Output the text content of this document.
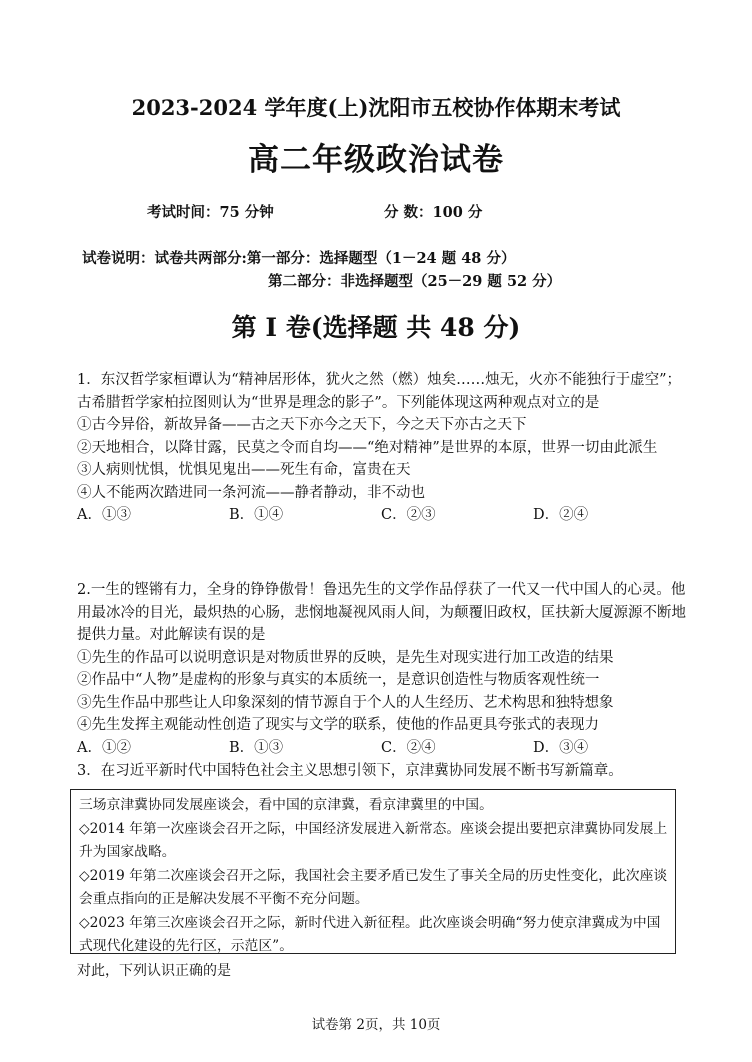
2023-2024 学年度(上)沈阳市五校协作体期末考试
高二年级政治试卷
考试时间：75 分钟	分 数：100 分
试卷说明：试卷共两部分:第一部分：选择题型（1－24 题 48 分）
第二部分：非选择题型（25－29 题 52 分）
第 I 卷(选择题 共 48 分)

1．东汉哲学家桓谭认为“精神居形体，犹火之然（燃）烛矣……烛无，火亦不能独行于虚空”；古希腊哲学家柏拉图则认为“世界是理念的影子”。下列能体现这两种观点对立的是

①古今异俗，新故异备——古之天下亦今之天下，今之天下亦古之天下

②天地相合，以降甘露，民莫之令而自均——“绝对精神”是世界的本原，世界一切由此派生

③人病则忧惧，忧惧见鬼出——死生有命，富贵在天

④人不能两次踏进同一条河流——静者静动，非不动也

A．①③	B．①④	C．②③	D．②④

2.一生的铿锵有力，全身的铮铮傲骨！鲁迅先生的文学作品俘获了一代又一代中国人的心灵。他用最冰冷的目光，最炽热的心肠，悲悯地凝视风雨人间，为颠覆旧政权，匡扶新大厦源源不断地提供力量。对此解读有误的是

①先生的作品可以说明意识是对物质世界的反映，是先生对现实进行加工改造的结果

②作品中“人物”是虚构的形象与真实的本质统一，是意识创造性与物质客观性统一

③先生作品中那些让人印象深刻的情节源自于个人的人生经历、艺术构思和独特想象

④先生发挥主观能动性创造了现实与文学的联系，使他的作品更具夸张式的表现力

A．①②	B．①③	C．②④	D．③④

3．在习近平新时代中国特色社会主义思想引领下，京津冀协同发展不断书写新篇章。

三场京津冀协同发展座谈会，看中国的京津冀，看京津冀里的中国。

◇2014 年第一次座谈会召开之际，中国经济发展进入新常态。座谈会提出要把京津冀协同发展上升为国家战略。

◇2019 年第二次座谈会召开之际，我国社会主要矛盾已发生了事关全局的历史性变化，此次座谈会重点指向的正是解决发展不平衡不充分问题。

◇2023 年第三次座谈会召开之际，新时代进入新征程。此次座谈会明确“努力使京津冀成为中国式现代化建设的先行区，示范区”。

对此，下列认识正确的是
试卷第 2页，共 10页
